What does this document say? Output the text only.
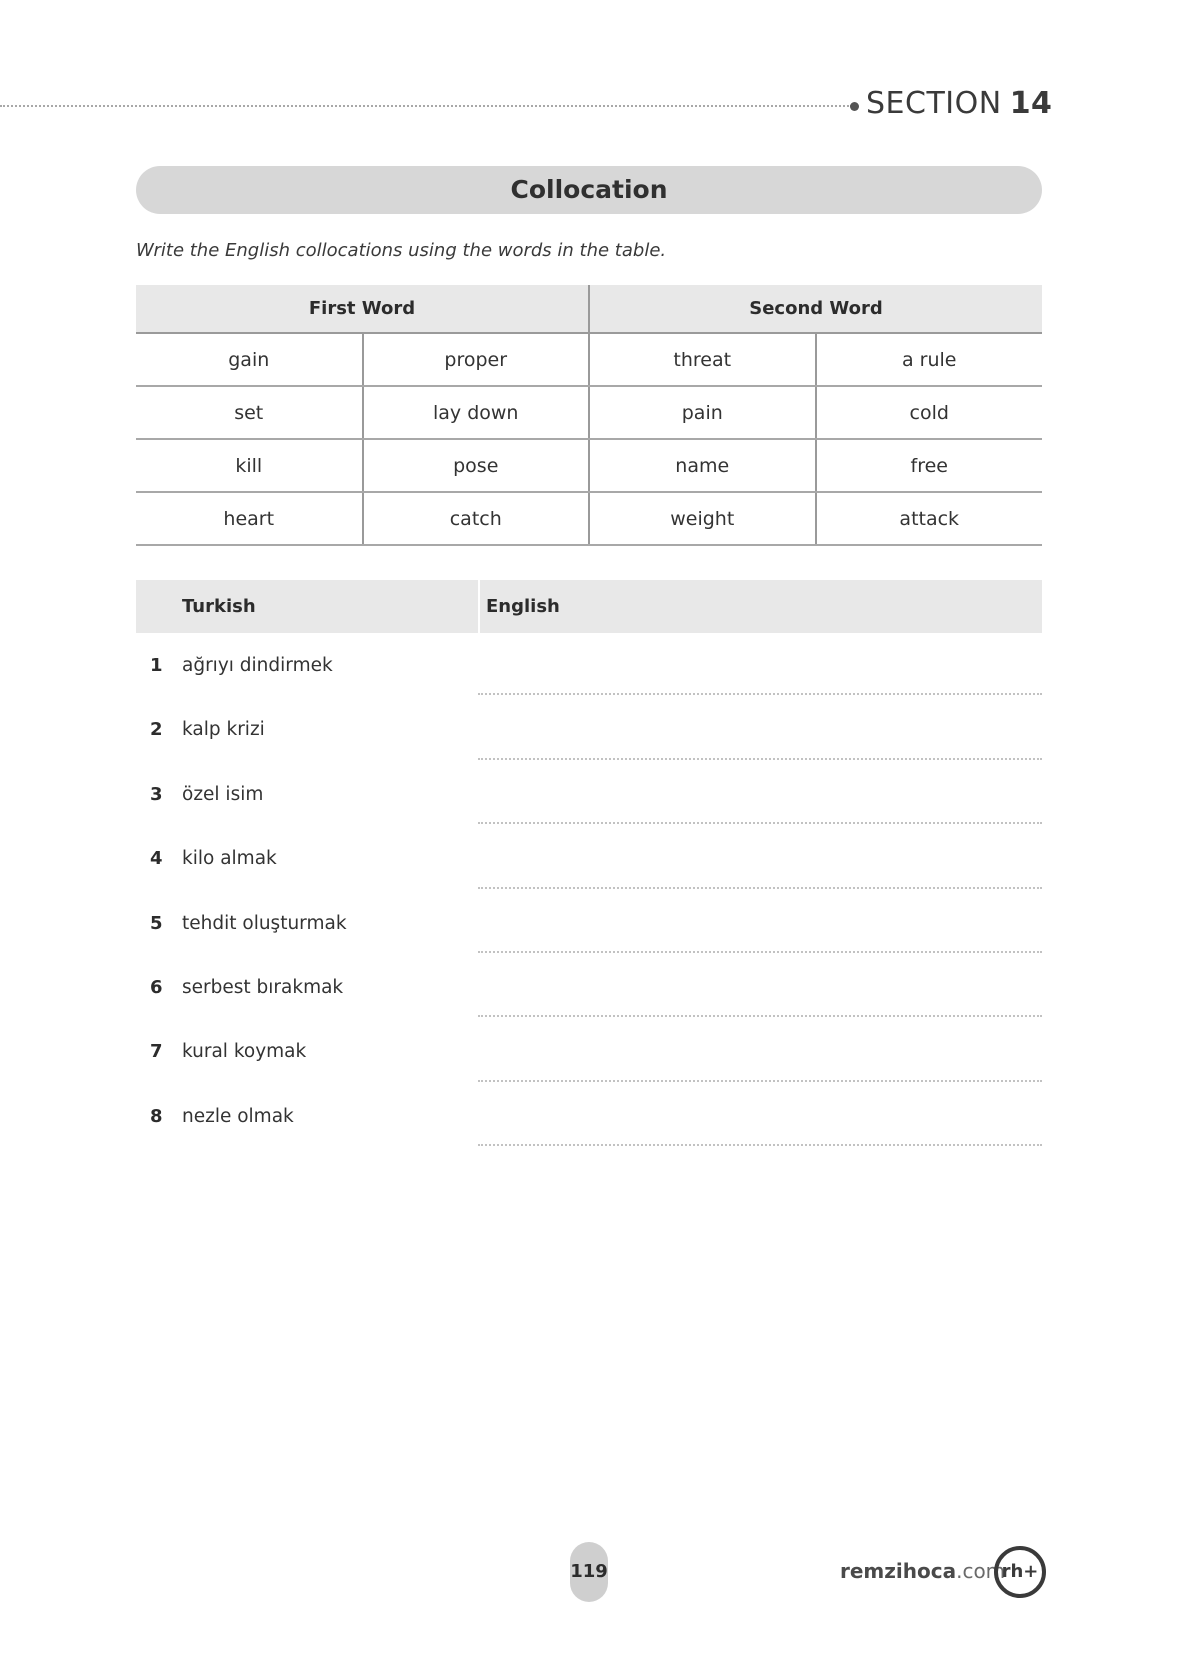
SECTION 14
Collocation
Write the English collocations using the words in the table.
First Word		Second Word	
gain	proper	threat	a rule
set	lay down	pain	cold
kill	pose	name	free
heart	catch	weight	attack
Turkish	English
1 ağrıyı dindirmek
2 kalp krizi
3 özel isim
4 kilo almak
5 tehdit oluşturmak
6 serbest bırakmak
7 kural koymak
8 nezle olmak
119	remzihoca.com
rh+
